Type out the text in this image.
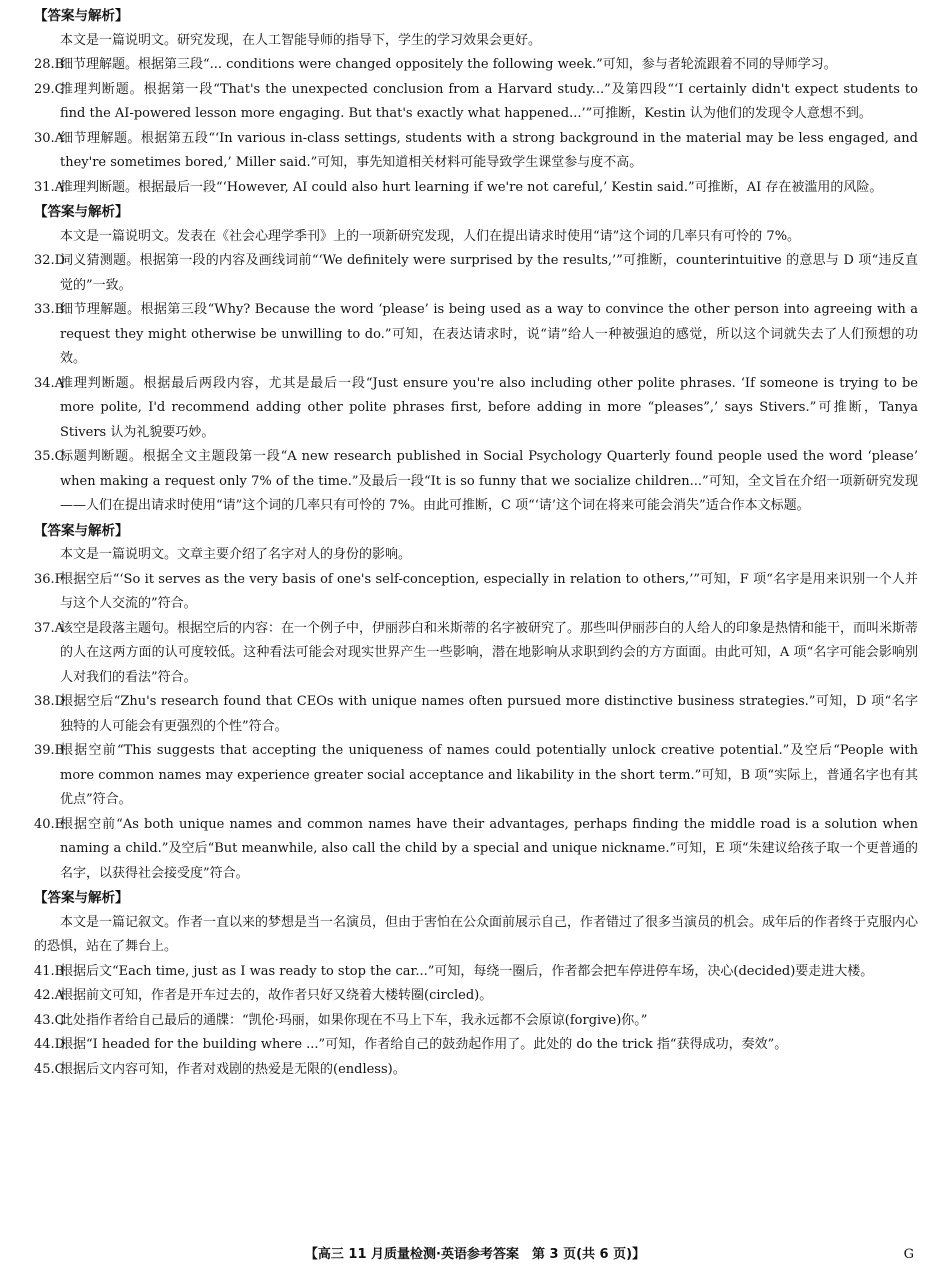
【答案与解析】

本文是一篇说明文。研究发现，在人工智能导师的指导下，学生的学习效果会更好。

28.B
细节理解题。根据第三段“... conditions were changed oppositely the following week.”可知，参与者轮流跟着不同的导师学习。
29.C
推理判断题。根据第一段“That's the unexpected conclusion from a Harvard study...”及第四段“‘I certainly didn't expect students to find the AI-powered lesson more engaging. But that's exactly what happened...’”可推断，Kestin 认为他们的发现令人意想不到。
30.A
细节理解题。根据第五段“‘In various in-class settings, students with a strong background in the material may be less engaged, and they're sometimes bored,’ Miller said.”可知，事先知道相关材料可能导致学生课堂参与度不高。
31.A
推理判断题。根据最后一段“‘However, AI could also hurt learning if we're not careful,’ Kestin said.”可推断，AI 存在被滥用的风险。

【答案与解析】

本文是一篇说明文。发表在《社会心理学季刊》上的一项新研究发现，人们在提出请求时使用“请”这个词的几率只有可怜的 7%。

32.D
词义猜测题。根据第一段的内容及画线词前“‘We definitely were surprised by the results,’”可推断，counterintuitive 的意思与 D 项“违反直觉的”一致。
33.B
细节理解题。根据第三段“Why? Because the word ‘please’ is being used as a way to convince the other person into agreeing with a request they might otherwise be unwilling to do.”可知，在表达请求时，说“请”给人一种被强迫的感觉，所以这个词就失去了人们预想的功效。
34.A
推理判断题。根据最后两段内容，尤其是最后一段“Just ensure you're also including other polite phrases. ‘If someone is trying to be more polite, I'd recommend adding other polite phrases first, before adding in more “pleases”,’ says Stivers.”可推断，Tanya Stivers 认为礼貌要巧妙。
35.C
标题判断题。根据全文主题段第一段“A new research published in Social Psychology Quarterly found people used the word ‘please’ when making a request only 7% of the time.”及最后一段“It is so funny that we socialize children...”可知，全文旨在介绍一项新研究发现——人们在提出请求时使用“请”这个词的几率只有可怜的 7%。由此可推断，C 项“‘请’这个词在将来可能会消失”适合作本文标题。

【答案与解析】

本文是一篇说明文。文章主要介绍了名字对人的身份的影响。

36.F
根据空后“‘So it serves as the very basis of one's self-conception, especially in relation to others,’”可知，F 项“名字是用来识别一个人并与这个人交流的”符合。
37.A
该空是段落主题句。根据空后的内容：在一个例子中，伊丽莎白和米斯蒂的名字被研究了。那些叫伊丽莎白的人给人的印象是热情和能干，而叫米斯蒂的人在这两方面的认可度较低。这种看法可能会对现实世界产生一些影响，潜在地影响从求职到约会的方方面面。由此可知，A 项“名字可能会影响别人对我们的看法”符合。
38.D
根据空后“Zhu's research found that CEOs with unique names often pursued more distinctive business strategies.”可知，D 项“名字独特的人可能会有更强烈的个性”符合。
39.B
根据空前“This suggests that accepting the uniqueness of names could potentially unlock creative potential.”及空后“People with more common names may experience greater social acceptance and likability in the short term.”可知，B 项“实际上，普通名字也有其优点”符合。
40.E
根据空前“As both unique names and common names have their advantages, perhaps finding the middle road is a solution when naming a child.”及空后“But meanwhile, also call the child by a special and unique nickname.”可知，E 项“朱建议给孩子取一个更普通的名字，以获得社会接受度”符合。

【答案与解析】

本文是一篇记叙文。作者一直以来的梦想是当一名演员，但由于害怕在公众面前展示自己，作者错过了很多当演员的机会。成年后的作者终于克服内心的恐惧，站在了舞台上。

41.B
根据后文“Each time, just as I was ready to stop the car...”可知，每绕一圈后，作者都会把车停进停车场，决心(decided)要走进大楼。
42.A
根据前文可知，作者是开车过去的，故作者只好又绕着大楼转圈(circled)。
43.C
此处指作者给自己最后的通牒：“凯伦·玛丽，如果你现在不马上下车，我永远都不会原谅(forgive)你。”
44.D
根据“I headed for the building where ...”可知，作者给自己的鼓劲起作用了。此处的 do the trick 指“获得成功，奏效”。
45.C
根据后文内容可知，作者对戏剧的热爱是无限的(endless)。
【高三 11 月质量检测·英语参考答案　第 3 页(共 6 页)】	G
